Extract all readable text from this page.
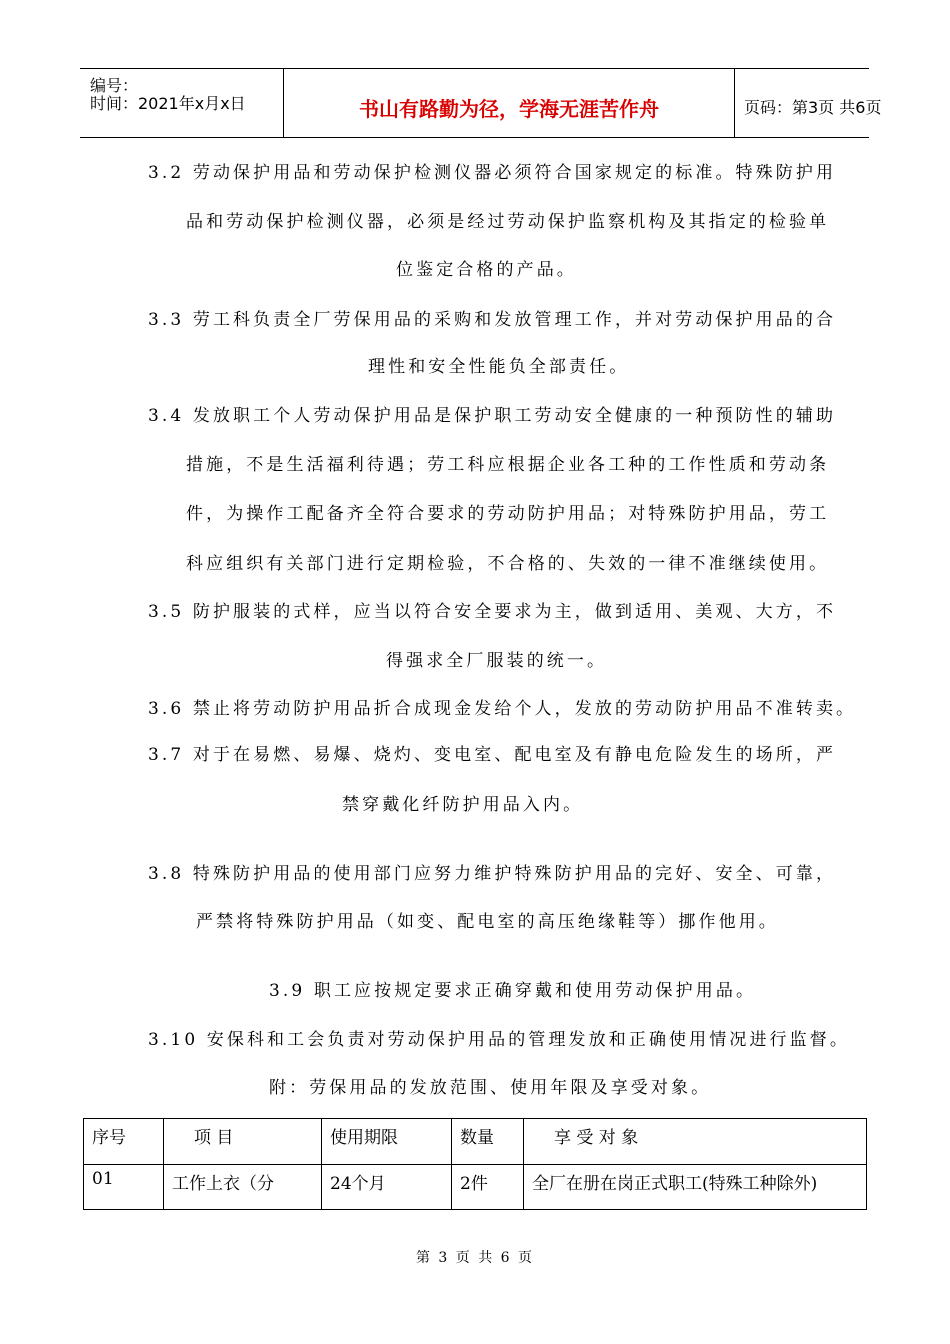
编号：
时间：2021年x月x日	书山有路勤为径，学海无涯苦作舟	页码：第3页 共6页
3.2 劳动保护用品和劳动保护检测仪器必须符合国家规定的标准。特殊防护用
品和劳动保护检测仪器，必须是经过劳动保护监察机构及其指定的检验单
位鉴定合格的产品。
3.3 劳工科负责全厂劳保用品的采购和发放管理工作，并对劳动保护用品的合
理性和安全性能负全部责任。
3.4 发放职工个人劳动保护用品是保护职工劳动安全健康的一种预防性的辅助
措施，不是生活福利待遇；劳工科应根据企业各工种的工作性质和劳动条
件，为操作工配备齐全符合要求的劳动防护用品；对特殊防护用品，劳工
科应组织有关部门进行定期检验，不合格的、失效的一律不准继续使用。
3.5 防护服装的式样，应当以符合安全要求为主，做到适用、美观、大方，不
得强求全厂服装的统一。
3.6 禁止将劳动防护用品折合成现金发给个人，发放的劳动防护用品不准转卖。
3.7 对于在易燃、易爆、烧灼、变电室、配电室及有静电危险发生的场所，严
禁穿戴化纤防护用品入内。
3.8 特殊防护用品的使用部门应努力维护特殊防护用品的完好、安全、可靠，
严禁将特殊防护用品（如变、配电室的高压绝缘鞋等）挪作他用。
3.9 职工应按规定要求正确穿戴和使用劳动保护用品。
3.10 安保科和工会负责对劳动保护用品的管理发放和正确使用情况进行监督。
附：劳保用品的发放范围、使用年限及享受对象。
序号	项 目	使用期限	数量	享 受 对 象
01	工作上衣（分	24个月	2件	全厂在册在岗正式职工(特殊工种除外)
第 3 页 共 6 页
